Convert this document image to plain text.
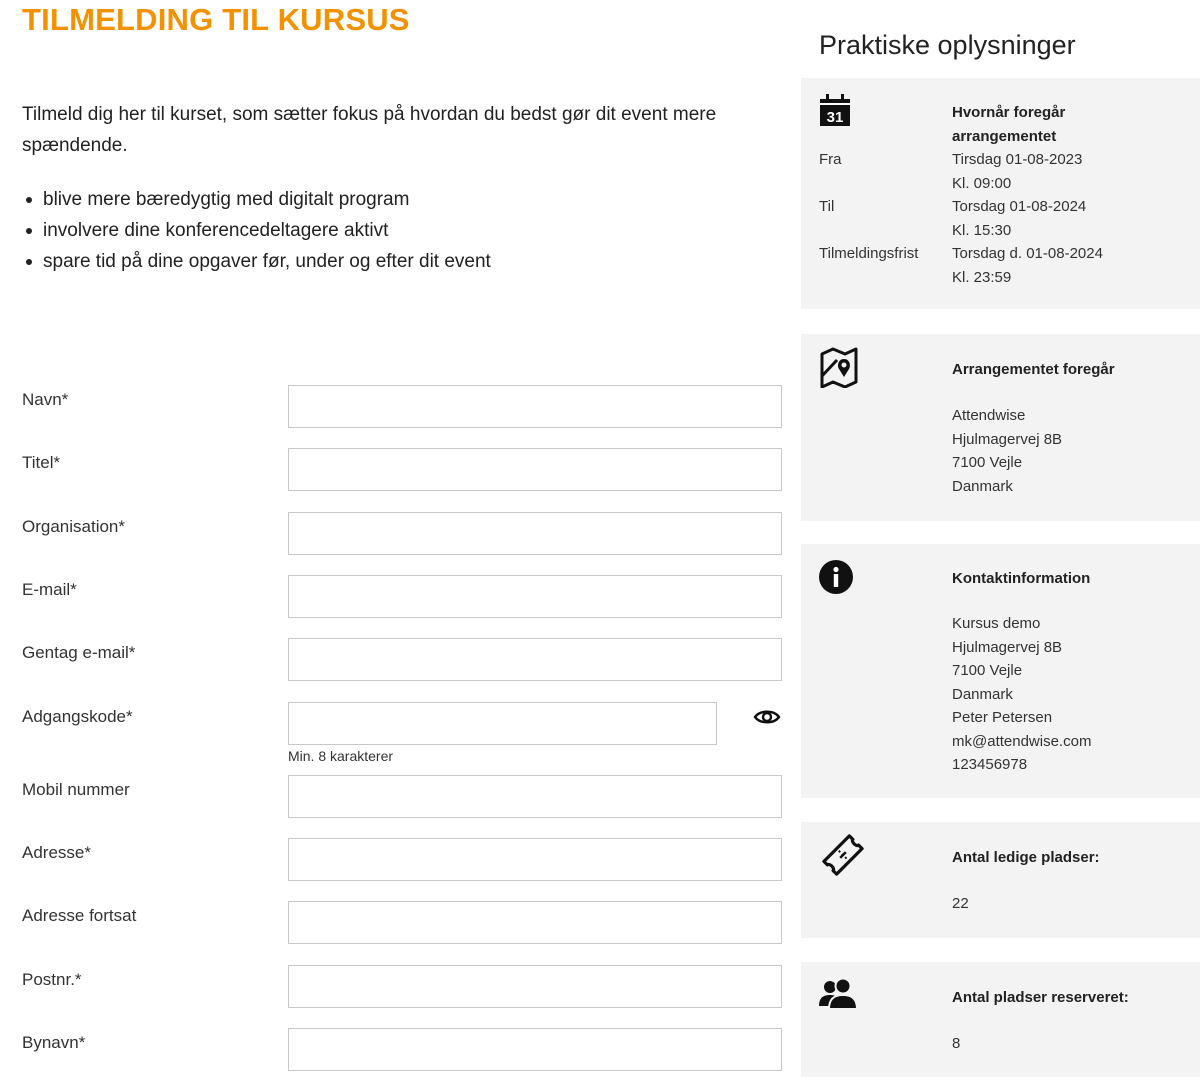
TILMELDING TIL KURSUS

Tilmeld dig her til kurset, som sætter fokus på hvordan du bedst gør dit event mere spændende.

blive mere bæredygtig med digitalt program
involvere dine konferencedeltagere aktivt
spare tid på dine opgaver før, under og efter dit event
Navn*
Titel*
Organisation*
E-mail*
Gentag e-mail*
Adgangskode*
Min. 8 karakterer
Mobil nummer
Adresse*
Adresse fortsat
Postnr.*
Bynavn*
Praktiske oplysninger
31	Hvornår foregår arrangementet
Fra	Tirsdag 01-08-2023
Kl. 09:00
Til	Torsdag 01-08-2024
Kl. 15:30
Tilmeldingsfrist	Torsdag d. 01-08-2024
Kl. 23:59
Arrangementet foregår
Attendwise
Hjulmagervej 8B
7100 Vejle
Danmark
Kontaktinformation
Kursus demo
Hjulmagervej 8B
7100 Vejle
Danmark
Peter Petersen
mk@attendwise.com
123456978
Antal ledige pladser:
22
Antal pladser reserveret:
8
